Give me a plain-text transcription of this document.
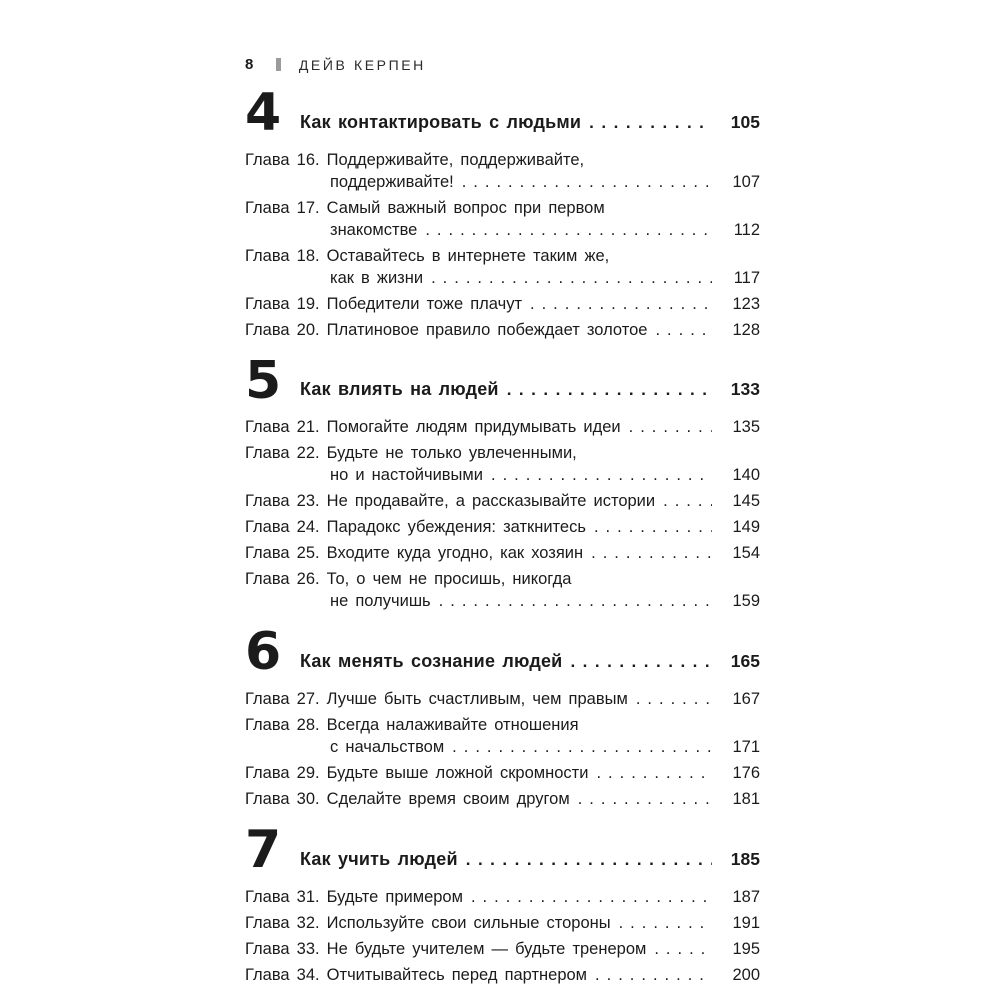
8	ДЕЙВ КЕРПЕН
4	Как контактировать с людьми .....	105
Глава 16. Поддерживайте, поддерживайте,
поддерживайте! .....	107
Глава 17. Самый важный вопрос при первом
знакомстве .....	112
Глава 18. Оставайтесь в интернете таким же,
как в жизни .....	117
Глава 19. Победители тоже плачут .....	123
Глава 20. Платиновое правило побеждает золотое .....	128
5	Как влиять на людей .....	133
Глава 21. Помогайте людям придумывать идеи .....	135
Глава 22. Будьте не только увлеченными,
но и настойчивыми .....	140
Глава 23. Не продавайте, а рассказывайте истории .....	145
Глава 24. Парадокс убеждения: заткнитесь .....	149
Глава 25. Входите куда угодно, как хозяин .....	154
Глава 26. То, о чем не просишь, никогда
не получишь .....	159
6	Как менять сознание людей .....	165
Глава 27. Лучше быть счастливым, чем правым .....	167
Глава 28. Всегда налаживайте отношения
с начальством .....	171
Глава 29. Будьте выше ложной скромности .....	176
Глава 30. Сделайте время своим другом .....	181
7	Как учить людей .....	185
Глава 31. Будьте примером .....	187
Глава 32. Используйте свои сильные стороны .....	191
Глава 33. Не будьте учителем — будьте тренером .....	195
Глава 34. Отчитывайтесь перед партнером .....	200
